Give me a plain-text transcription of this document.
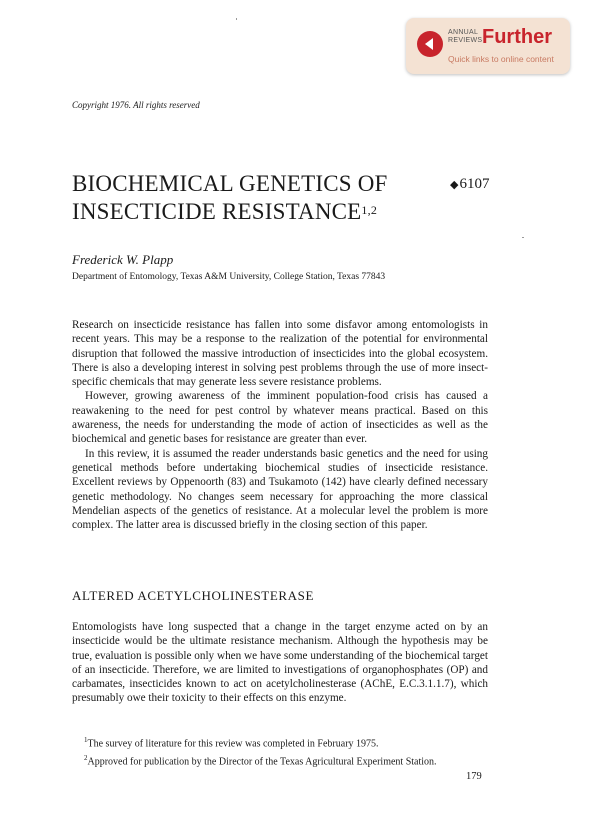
ANNUAL
REVIEWS Further
Quick links to online content
Copyright 1976. All rights reserved
BIOCHEMICAL GENETICS OF
INSECTICIDE RESISTANCE$^{1,2}$
◆6107
Frederick W. Plapp
Department of Entomology, Texas A&M University, College Station, Texas 77843

Research on insecticide resistance has fallen into some disfavor among entomologists in recent years. This may be a response to the realization of the potential for environmental disruption that followed the massive introduction of insecticides into the global ecosystem. There is also a developing interest in solving pest problems through the use of more insect-specific chemicals that may generate less severe resistance problems.

However, growing awareness of the imminent population-food crisis has caused a reawakening to the need for pest control by whatever means practical. Based on this awareness, the needs for understanding the mode of action of insecticides as well as the biochemical and genetic bases for resistance are greater than ever.

In this review, it is assumed the reader understands basic genetics and the need for using genetical methods before undertaking biochemical studies of insecticide resistance. Excellent reviews by Oppenoorth (83) and Tsukamoto (142) have clearly defined necessary genetic methodology. No changes seem necessary for approaching the more classical Mendelian aspects of the genetics of resistance. At a molecular level the problem is more complex. The latter area is discussed briefly in the closing section of this paper.

ALTERED ACETYLCHOLINESTERASE

Entomologists have long suspected that a change in the target enzyme acted on by an insecticide would be the ultimate resistance mechanism. Although the hypothesis may be true, evaluation is possible only when we have some understanding of the biochemical target of an insecticide. Therefore, we are limited to investigations of organophosphates (OP) and carbamates, insecticides known to act on acetylcholinesterase (AChE, E.C.3.1.1.7), which presumably owe their toxicity to their effects on this enzyme.

$^1$The survey of literature for this review was completed in February 1975.
$^2$Approved for publication by the Director of the Texas Agricultural Experiment Station.
179
